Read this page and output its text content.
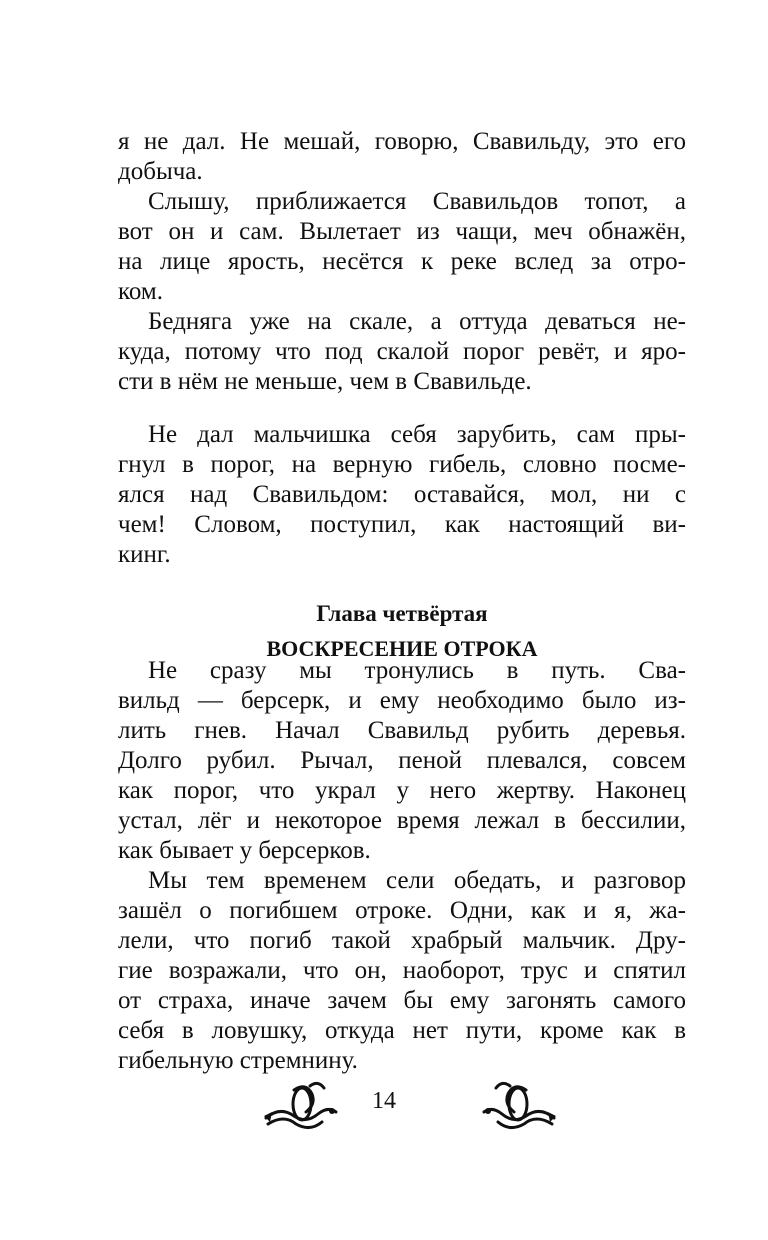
я не дал. Не мешай, говорю, Свавильду, это его
добыча.
Слышу, приближается Свавильдов топот, а
вот он и сам. Вылетает из чащи, меч обнажён,
на лице ярость, несётся к реке вслед за отро-
ком.
Бедняга уже на скале, а оттуда деваться не-
куда, потому что под скалой порог ревёт, и яро-
сти в нём не меньше, чем в Свавильде.
Не дал мальчишка себя зарубить, сам пры-
гнул в порог, на верную гибель, словно посме-
ялся над Свавильдом: оставайся, мол, ни с
чем! Словом, поступил, как настоящий ви-
кинг.
Глава четвёртая
ВОСКРЕСЕНИЕ ОТРОКА
Не сразу мы тронулись в путь. Сва-
вильд — берсерк, и ему необходимо было из-
лить гнев. Начал Свавильд рубить деревья.
Долго рубил. Рычал, пеной плевался, совсем
как порог, что украл у него жертву. Наконец
устал, лёг и некоторое время лежал в бессилии,
как бывает у берсерков.
Мы тем временем сели обедать, и разговор
зашёл о погибшем отроке. Одни, как и я, жа-
лели, что погиб такой храбрый мальчик. Дру-
гие возражали, что он, наоборот, трус и спятил
от страха, иначе зачем бы ему загонять самого
себя в ловушку, откуда нет пути, кроме как в
гибельную стремнину.
14
